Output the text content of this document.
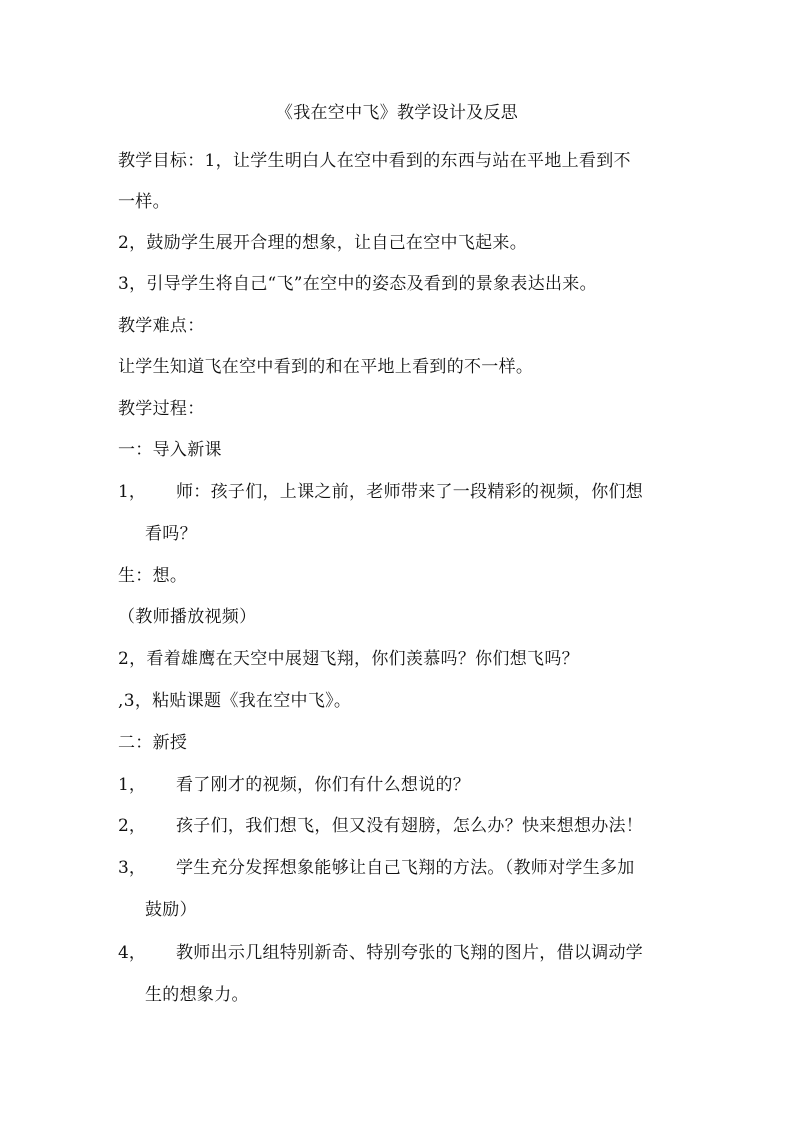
《我在空中飞》教学设计及反思
教学目标：1，让学生明白人在空中看到的东西与站在平地上看到不
一样。
2，鼓励学生展开合理的想象，让自己在空中飞起来。
3，引导学生将自己“飞”在空中的姿态及看到的景象表达出来。
教学难点：
让学生知道飞在空中看到的和在平地上看到的不一样。
教学过程：
一：导入新课
1， 师：孩子们，上课之前，老师带来了一段精彩的视频，你们想
看吗？
生：想。
（教师播放视频）
2，看着雄鹰在天空中展翅飞翔，你们羡慕吗？你们想飞吗？
,3，粘贴课题《我在空中飞》。
二：新授
1， 看了刚才的视频，你们有什么想说的？
2， 孩子们，我们想飞，但又没有翅膀，怎么办？快来想想办法！
3， 学生充分发挥想象能够让自己飞翔的方法。（教师对学生多加
鼓励）
4， 教师出示几组特别新奇、特别夸张的飞翔的图片，借以调动学
生的想象力。
